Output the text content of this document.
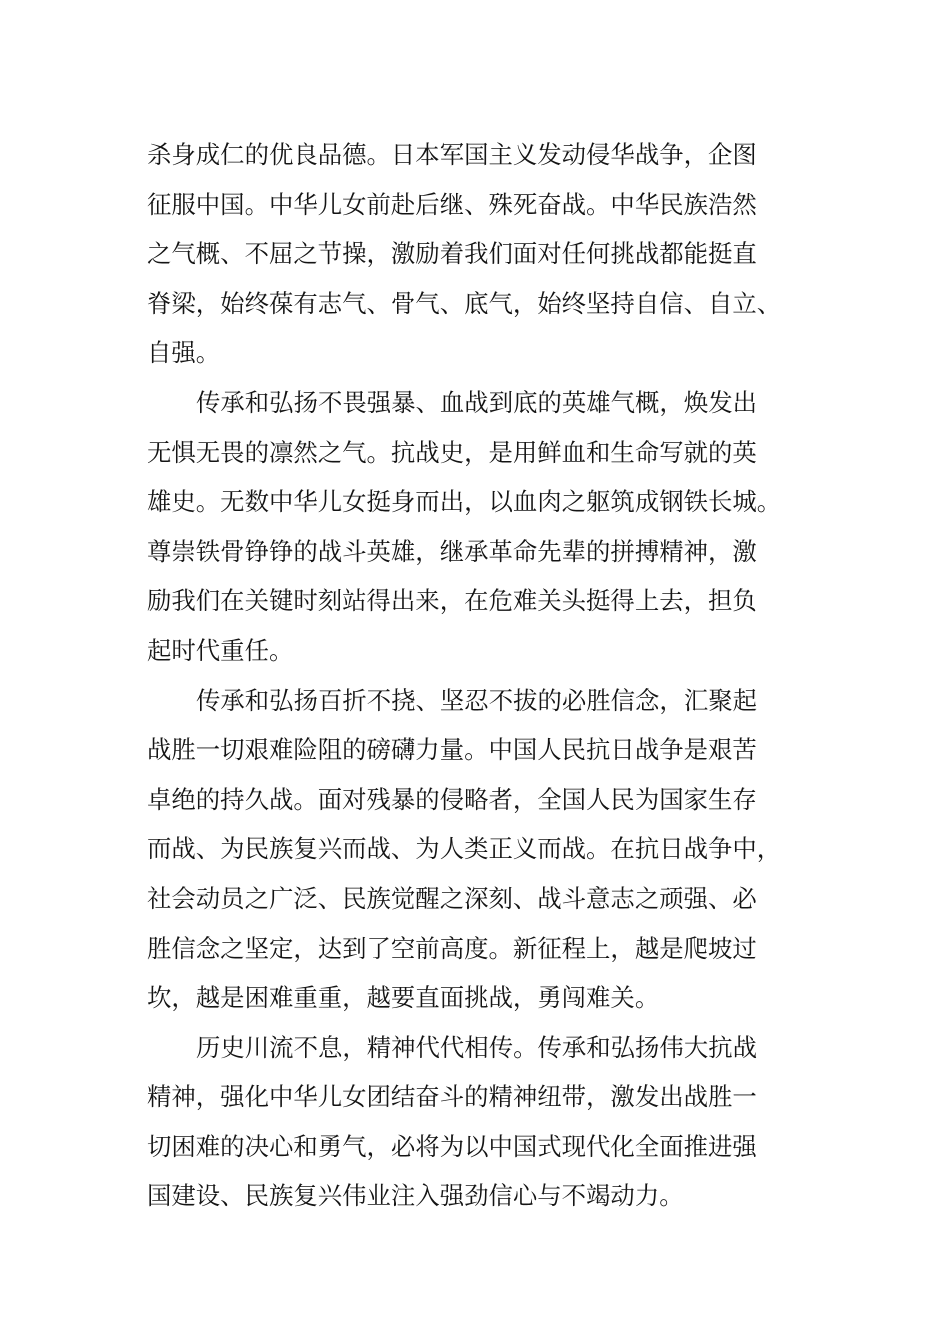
杀身成仁的优良品德。日本军国主义发动侵华战争，企图
征服中国。中华儿女前赴后继、殊死奋战。中华民族浩然
之气概、不屈之节操，激励着我们面对任何挑战都能挺直
脊梁，始终葆有志气、骨气、底气，始终坚持自信、自立、
自强。
传承和弘扬不畏强暴、血战到底的英雄气概，焕发出
无惧无畏的凛然之气。抗战史，是用鲜血和生命写就的英
雄史。无数中华儿女挺身而出，以血肉之躯筑成钢铁长城。
尊崇铁骨铮铮的战斗英雄，继承革命先辈的拼搏精神，激
励我们在关键时刻站得出来，在危难关头挺得上去，担负
起时代重任。
传承和弘扬百折不挠、坚忍不拔的必胜信念，汇聚起
战胜一切艰难险阻的磅礴力量。中国人民抗日战争是艰苦
卓绝的持久战。面对残暴的侵略者，全国人民为国家生存
而战、为民族复兴而战、为人类正义而战。在抗日战争中，
社会动员之广泛、民族觉醒之深刻、战斗意志之顽强、必
胜信念之坚定，达到了空前高度。新征程上，越是爬坡过
坎，越是困难重重，越要直面挑战，勇闯难关。
历史川流不息，精神代代相传。传承和弘扬伟大抗战
精神，强化中华儿女团结奋斗的精神纽带，激发出战胜一
切困难的决心和勇气，必将为以中国式现代化全面推进强
国建设、民族复兴伟业注入强劲信心与不竭动力。
